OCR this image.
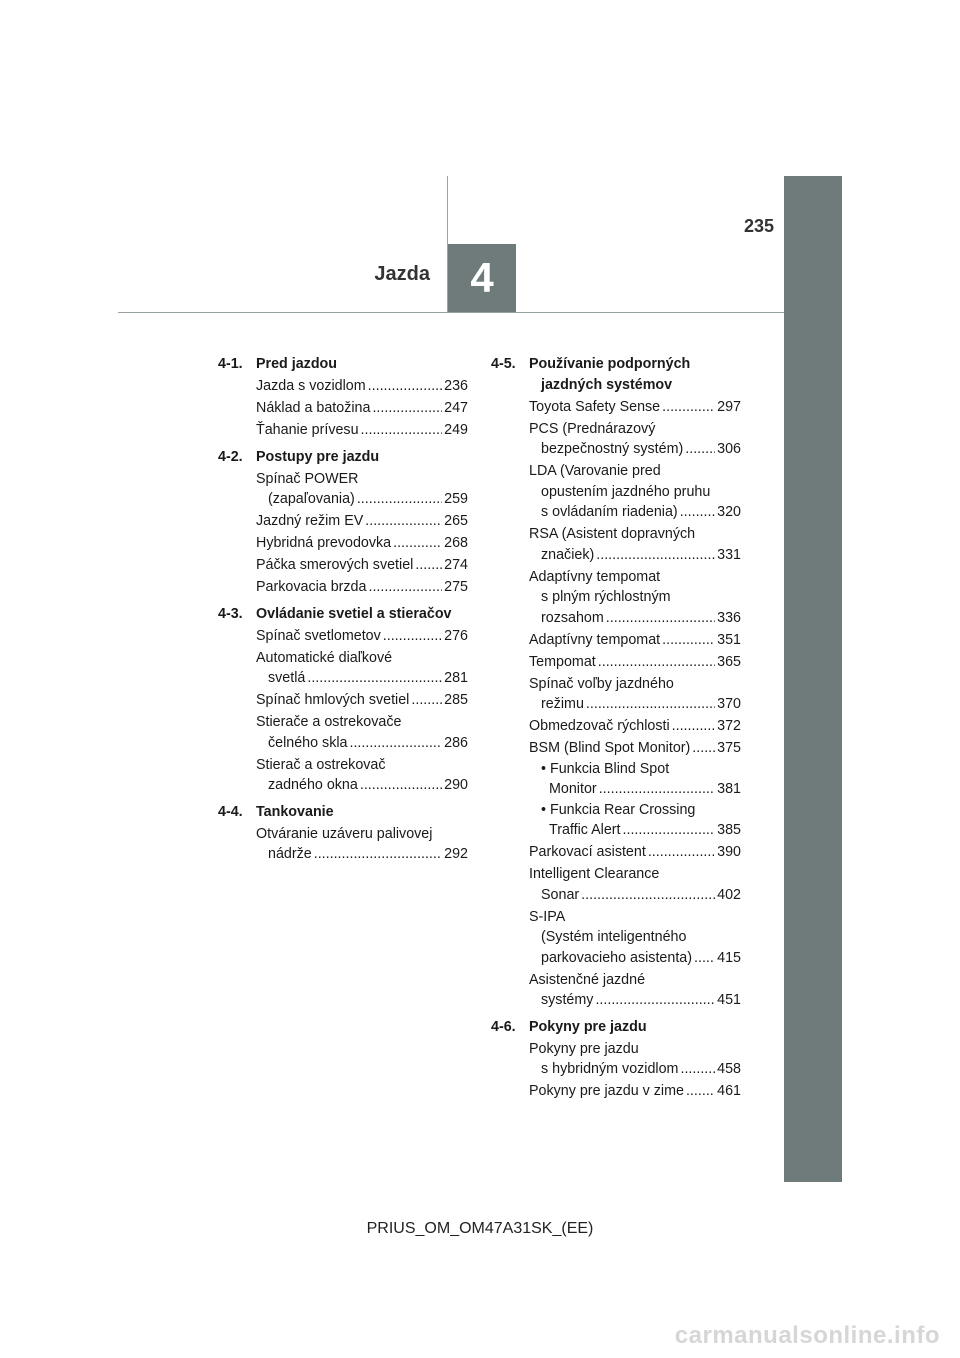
4
Jazda
235
4-1. Pred jazdou
Jazda s vozidlom .....	236
Náklad a batožina .....	247
Ťahanie prívesu .....	249
4-2. Postupy pre jazdu
Spínač POWER
(zapaľovania) .....	259
Jazdný režim EV .....	265
Hybridná prevodovka .....	268
Páčka smerových svetiel ..... 274
Parkovacia brzda .....	275
4-3. Ovládanie svetiel a stieračov
Spínač svetlometov .....	276
Automatické diaľkové
svetlá .....	281
Spínač hmlových svetiel ..... 285
Stierače a ostrekovače
čelného skla .....	286
Stierač a ostrekovač
zadného okna .....	290
4-4. Tankovanie
Otváranie uzáveru palivovej
nádrže .....	292
4-5. Používanie podporných
jazdných systémov
Toyota Safety Sense .....	297
PCS (Prednárazový
bezpečnostný systém) ..... 306
LDA (Varovanie pred
opustením jazdného pruhu
s ovládaním riadenia) .....	320
RSA (Asistent dopravných
značiek) .....	331
Adaptívny tempomat
s plným rýchlostným
rozsahom .....	336
Adaptívny tempomat .....	351
Tempomat .....	365
Spínač voľby jazdného
režimu .....	370
Obmedzovač rýchlosti .....	372
BSM (Blind Spot Monitor) ..... 375
• Funkcia Blind Spot
Monitor .....	381
• Funkcia Rear Crossing
Traffic Alert .....	385
Parkovací asistent .....	390
Intelligent Clearance
Sonar .....	402
S-IPA
(Systém inteligentného
parkovacieho asistenta) ..... 415
Asistenčné jazdné
systémy .....	451
4-6. Pokyny pre jazdu
Pokyny pre jazdu
s hybridným vozidlom .....	458
Pokyny pre jazdu v zime ..... 461
PRIUS_OM_OM47A31SK_(EE)
carmanualsonline.info
